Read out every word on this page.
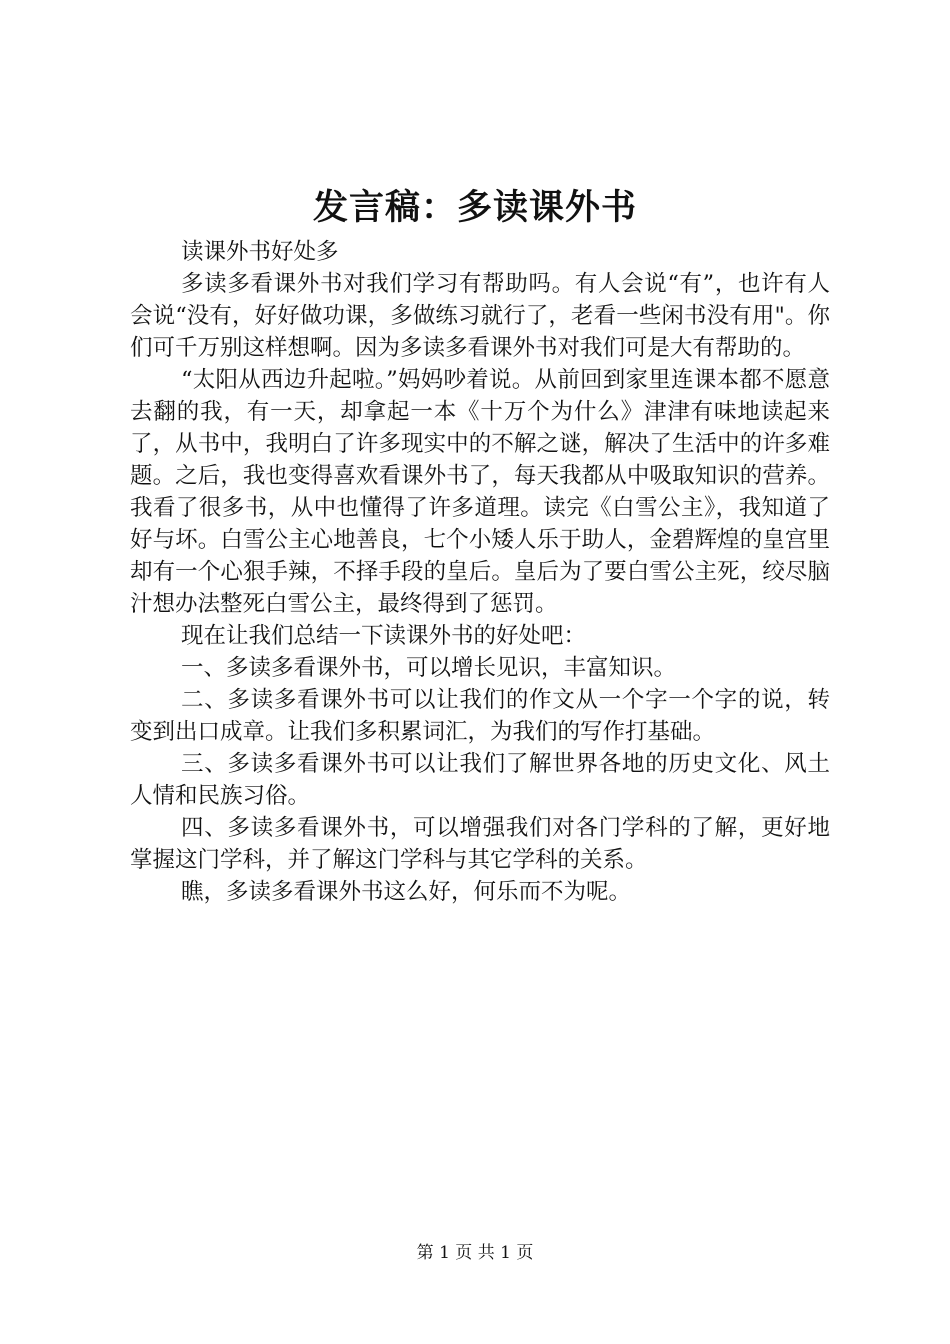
发言稿：多读课外书

读课外书好处多

多读多看课外书对我们学习有帮助吗。有人会说“有”，也许有人会说“没有，好好做功课，多做练习就行了，老看一些闲书没有用"。你们可千万别这样想啊。因为多读多看课外书对我们可是大有帮助的。

“太阳从西边升起啦。”妈妈吵着说。从前回到家里连课本都不愿意去翻的我，有一天，却拿起一本《十万个为什么》津津有味地读起来了，从书中，我明白了许多现实中的不解之谜，解决了生活中的许多难题。之后，我也变得喜欢看课外书了，每天我都从中吸取知识的营养。我看了很多书，从中也懂得了许多道理。读完《白雪公主》，我知道了好与坏。白雪公主心地善良，七个小矮人乐于助人，金碧辉煌的皇宫里却有一个心狠手辣，不择手段的皇后。皇后为了要白雪公主死，绞尽脑汁想办法整死白雪公主，最终得到了惩罚。

现在让我们总结一下读课外书的好处吧：

一、多读多看课外书，可以增长见识，丰富知识。

二、多读多看课外书可以让我们的作文从一个字一个字的说，转变到出口成章。让我们多积累词汇，为我们的写作打基础。

三、多读多看课外书可以让我们了解世界各地的历史文化、风土人情和民族习俗。

四、多读多看课外书，可以增强我们对各门学科的了解，更好地掌握这门学科，并了解这门学科与其它学科的关系。

瞧，多读多看课外书这么好，何乐而不为呢。

第 1 页 共 1 页
